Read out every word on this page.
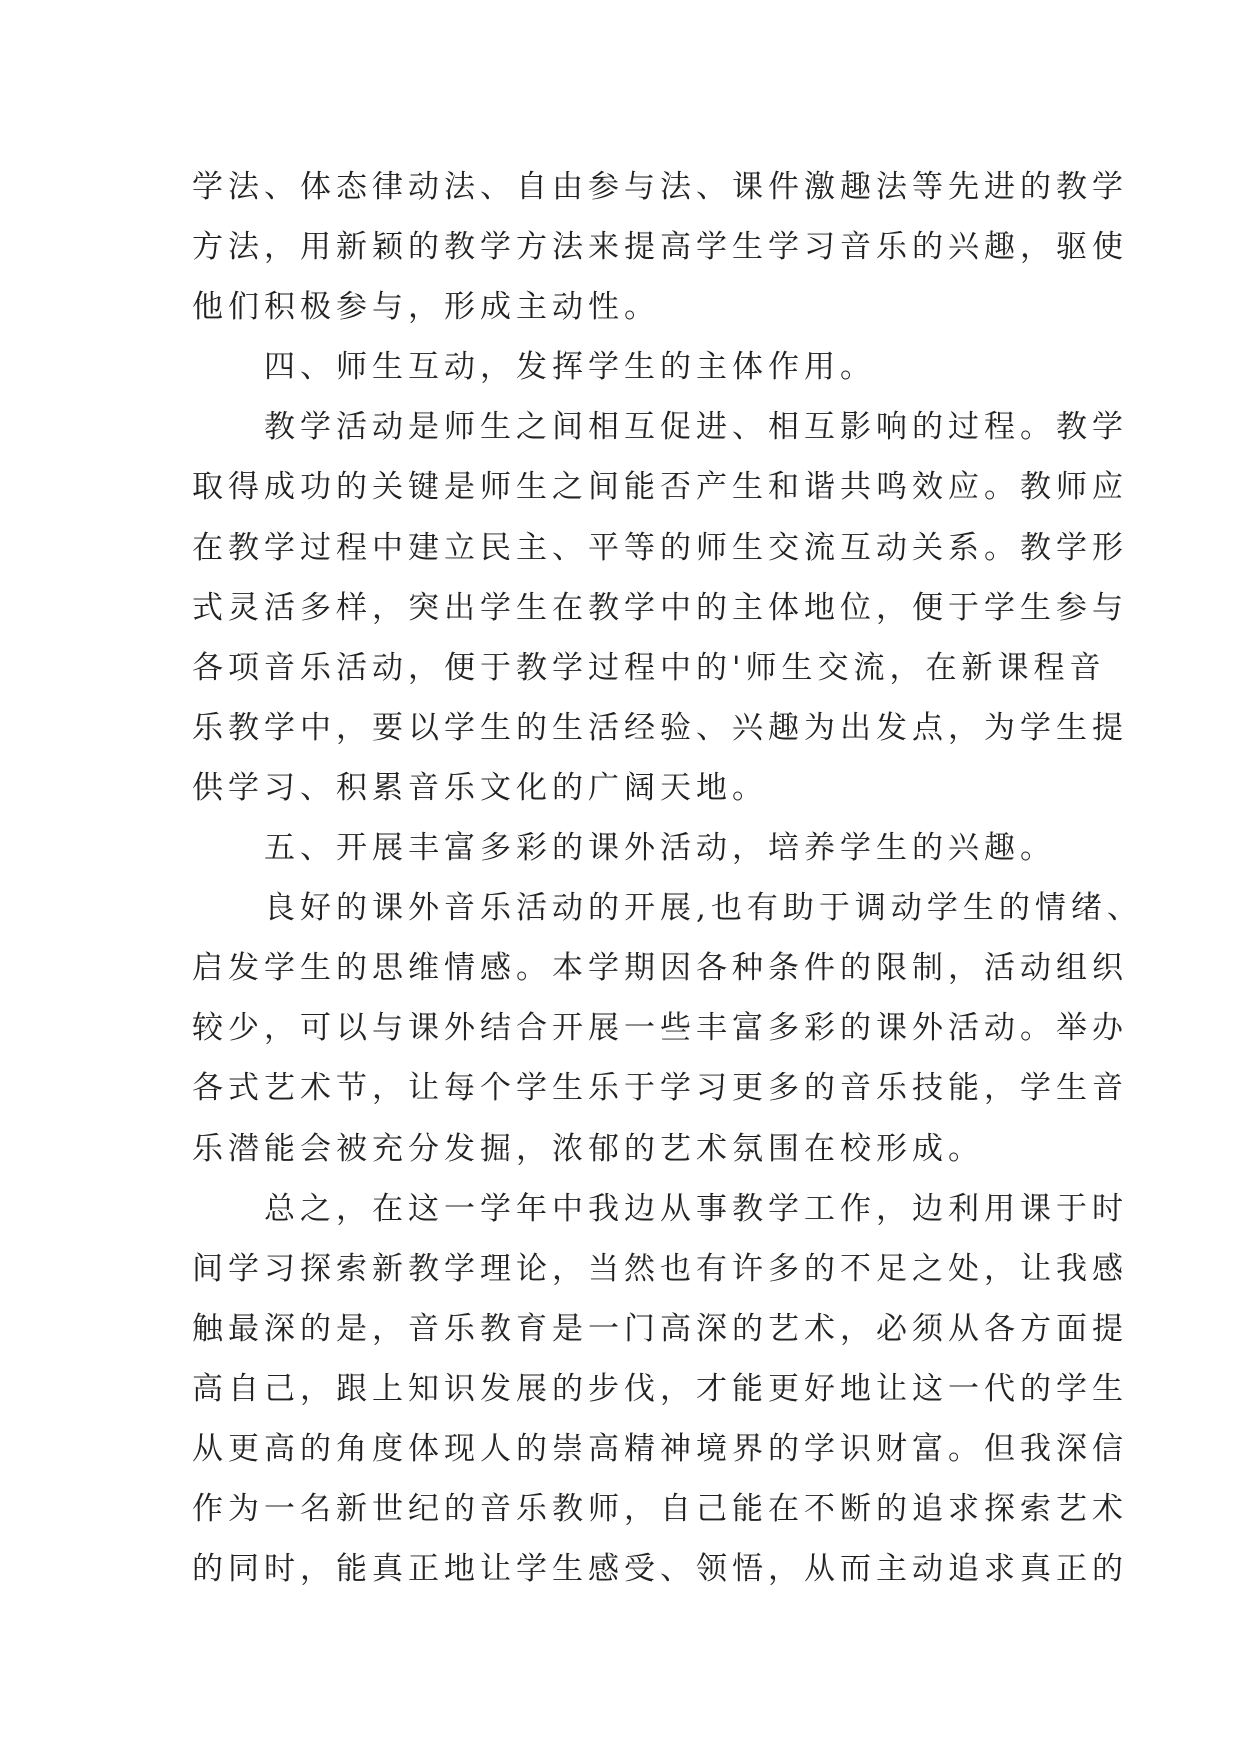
学法、体态律动法、自由参与法、课件激趣法等先进的教学
方法，用新颖的教学方法来提高学生学习音乐的兴趣，驱使
他们积极参与，形成主动性。
四、师生互动，发挥学生的主体作用。
教学活动是师生之间相互促进、相互影响的过程。教学
取得成功的关键是师生之间能否产生和谐共鸣效应。教师应
在教学过程中建立民主、平等的师生交流互动关系。教学形
式灵活多样，突出学生在教学中的主体地位，便于学生参与
各项音乐活动，便于教学过程中的'师生交流，在新课程音
乐教学中，要以学生的生活经验、兴趣为出发点，为学生提
供学习、积累音乐文化的广阔天地。
五、开展丰富多彩的课外活动，培养学生的兴趣。
良好的课外音乐活动的开展,也有助于调动学生的情绪、
启发学生的思维情感。本学期因各种条件的限制，活动组织
较少，可以与课外结合开展一些丰富多彩的课外活动。举办
各式艺术节，让每个学生乐于学习更多的音乐技能，学生音
乐潜能会被充分发掘，浓郁的艺术氛围在校形成。
总之，在这一学年中我边从事教学工作，边利用课于时
间学习探索新教学理论，当然也有许多的不足之处，让我感
触最深的是，音乐教育是一门高深的艺术，必须从各方面提
高自己，跟上知识发展的步伐，才能更好地让这一代的学生
从更高的角度体现人的崇高精神境界的学识财富。但我深信
作为一名新世纪的音乐教师，自己能在不断的追求探索艺术
的同时，能真正地让学生感受、领悟，从而主动追求真正的
